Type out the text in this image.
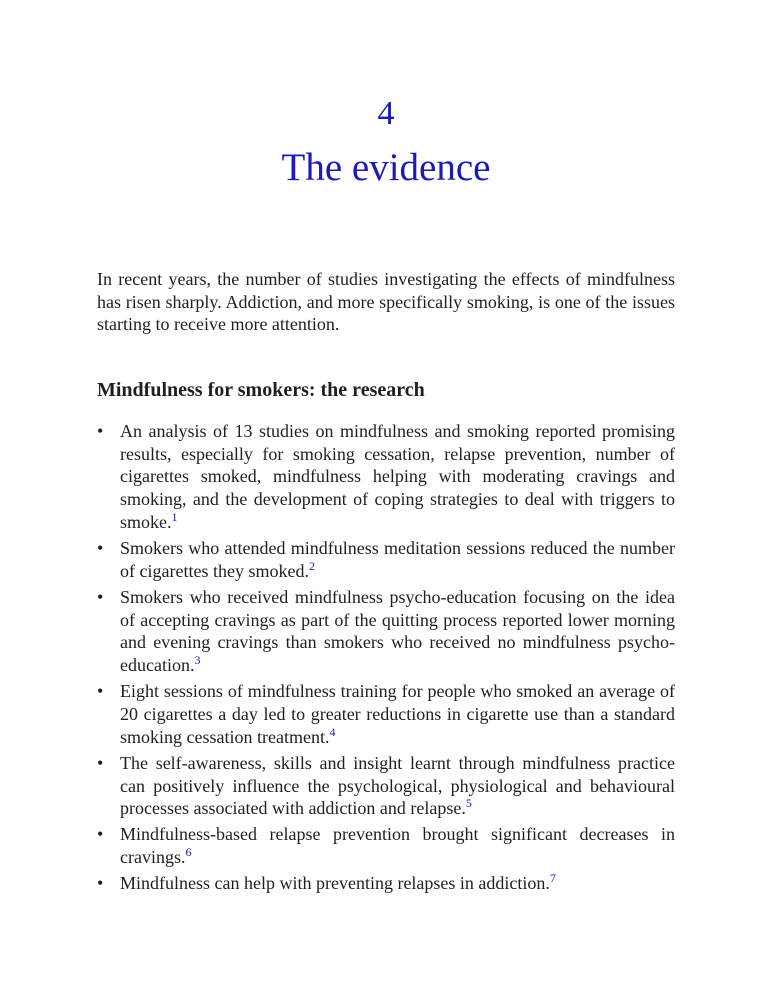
4
The evidence

In recent years, the number of studies investigating the effects of mindfulness has risen sharply. Addiction, and more specifically smoking, is one of the issues starting to receive more attention.

Mindfulness for smokers: the research
• An analysis of 13 studies on mindfulness and smoking reported promising results, especially for smoking cessation, relapse prevention, number of cigarettes smoked, mindfulness helping with moderating cravings and smoking, and the development of coping strategies to deal with triggers to smoke.$^1$
• Smokers who attended mindfulness meditation sessions reduced the number of cigarettes they smoked.$^2$
• Smokers who received mindfulness psycho-education focusing on the idea of accepting cravings as part of the quitting process reported lower morning and evening cravings than smokers who received no mindfulness psycho-education.$^3$
• Eight sessions of mindfulness training for people who smoked an average of 20 cigarettes a day led to greater reductions in cigarette use than a standard smoking cessation treatment.$^4$
• The self-awareness, skills and insight learnt through mindfulness practice can positively influence the psychological, physiological and behavioural processes associated with addiction and relapse.$^5$
• Mindfulness-based relapse prevention brought significant decreases in cravings.$^6$
• Mindfulness can help with preventing relapses in addiction.$^7$
